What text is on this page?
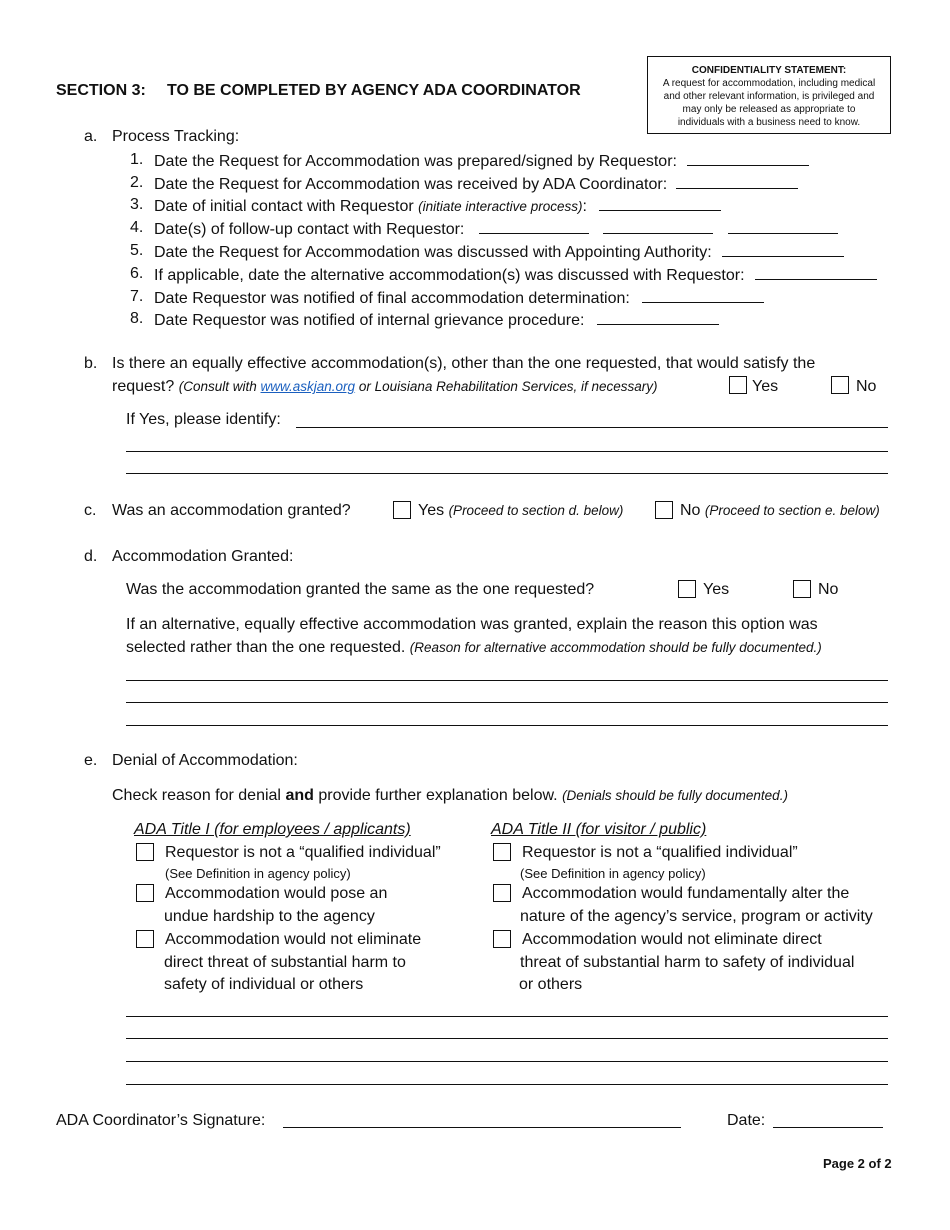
SECTION 3: TO BE COMPLETED BY AGENCY ADA COORDINATOR
CONFIDENTIALITY STATEMENT:
A request for accommodation, including medical
and other relevant information, is privileged and
may only be released as appropriate to
individuals with a business need to know.
a. Process Tracking:
1. Date the Request for Accommodation was prepared/signed by Requestor:
2. Date the Request for Accommodation was received by ADA Coordinator:
3. Date of initial contact with Requestor (initiate interactive process):
4. Date(s) of follow-up contact with Requestor:
5. Date the Request for Accommodation was discussed with Appointing Authority:
6. If applicable, date the alternative accommodation(s) was discussed with Requestor:
7. Date Requestor was notified of final accommodation determination:
8. Date Requestor was notified of internal grievance procedure:
b. Is there an equally effective accommodation(s), other than the one requested, that would satisfy the
request? (Consult with www.askjan.org or Louisiana Rehabilitation Services, if necessary)	Yes	No
If Yes, please identify:
c. Was an accommodation granted?	Yes (Proceed to section d. below)	No (Proceed to section e. below)
d. Accommodation Granted:
Was the accommodation granted the same as the one requested?	Yes	No
If an alternative, equally effective accommodation was granted, explain the reason this option was
selected rather than the one requested. (Reason for alternative accommodation should be fully documented.)
e. Denial of Accommodation:
Check reason for denial and provide further explanation below. (Denials should be fully documented.)
ADA Title I (for employees / applicants)
Requestor is not a “qualified individual”
(See Definition in agency policy)
Accommodation would pose an
undue hardship to the agency
Accommodation would not eliminate
direct threat of substantial harm to
safety of individual or others
ADA Title II (for visitor / public)
Requestor is not a “qualified individual”
(See Definition in agency policy)
Accommodation would fundamentally alter the
nature of the agency’s service, program or activity
Accommodation would not eliminate direct
threat of substantial harm to safety of individual
or others
ADA Coordinator’s Signature:	Date:
Page 2 of 2
